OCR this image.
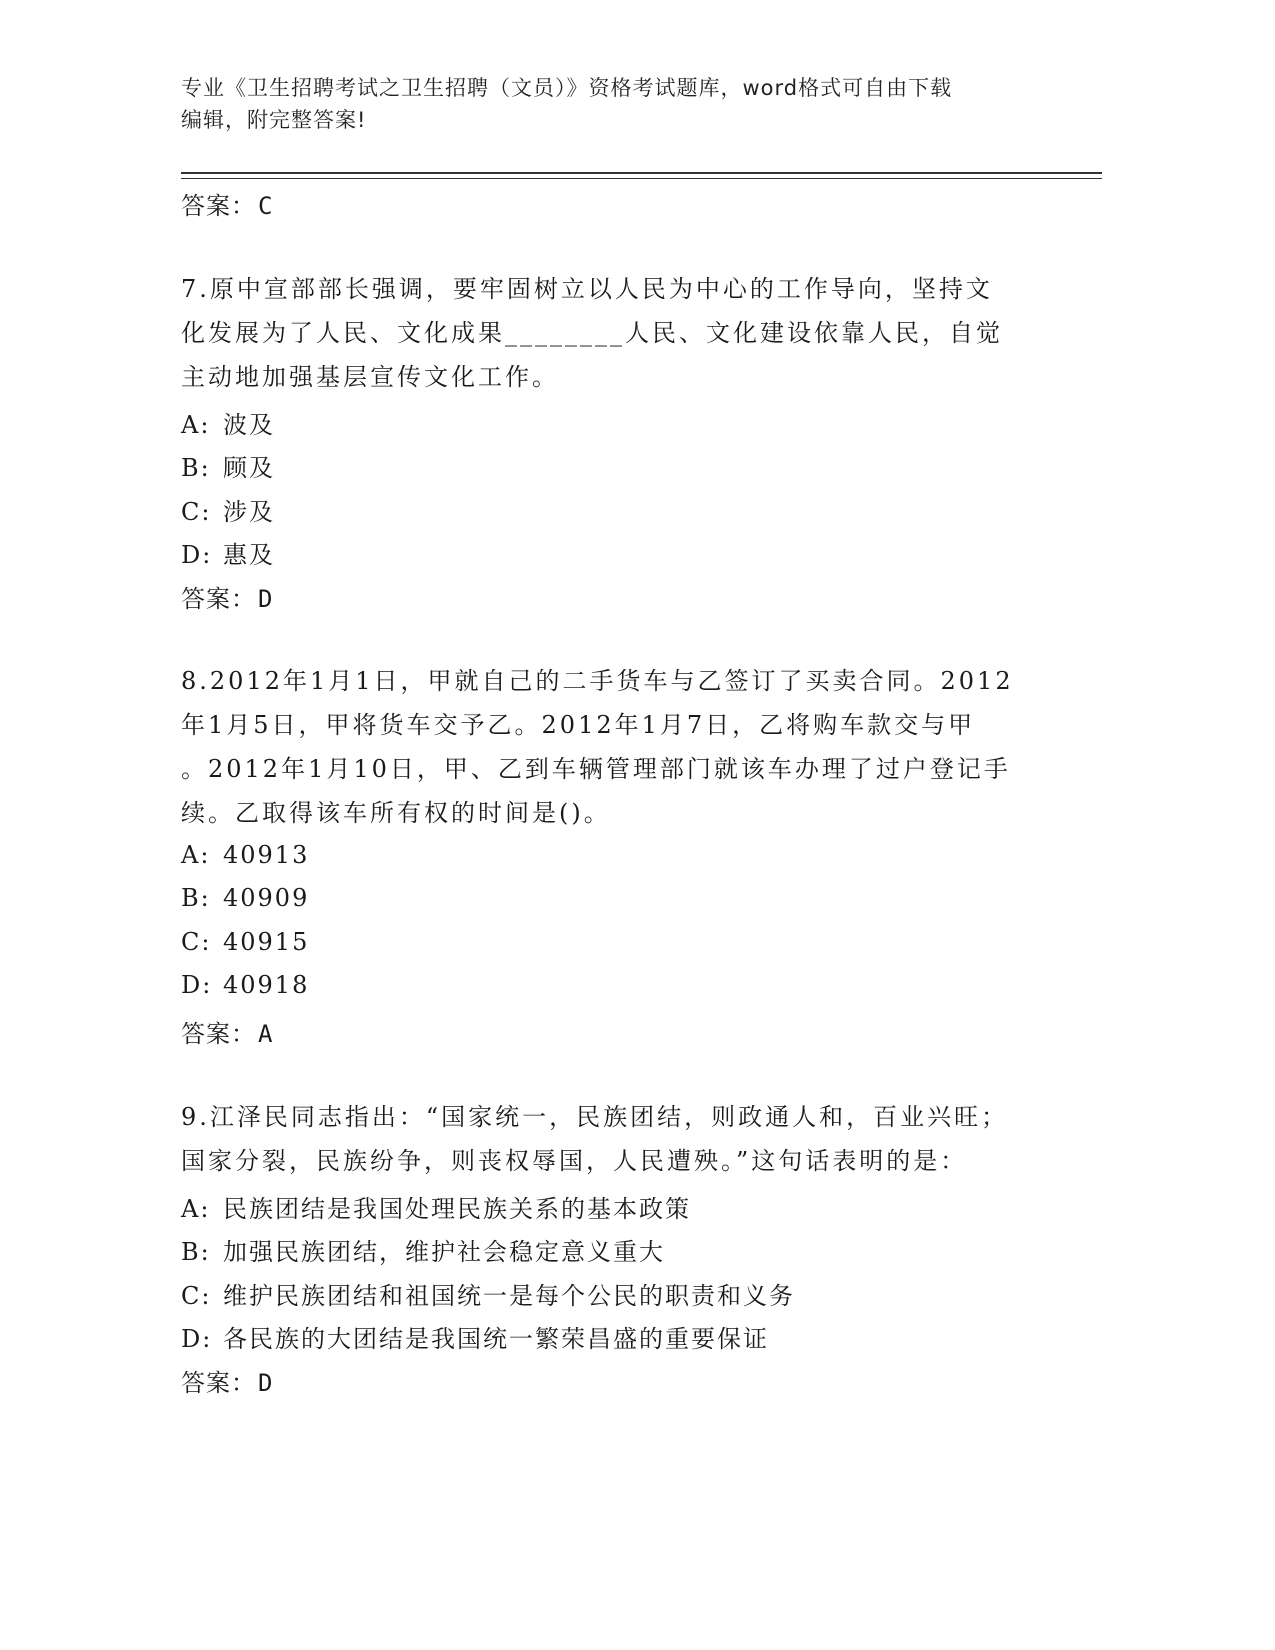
专业《卫生招聘考试之卫生招聘（文员）》资格考试题库，word格式可自由下载
编辑，附完整答案!
答案：C
7.原中宣部部长强调，要牢固树立以人民为中心的工作导向，坚持文
化发展为了人民、文化成果________人民、文化建设依靠人民，自觉
主动地加强基层宣传文化工作。
A: 波及
B: 顾及
C: 涉及
D: 惠及
答案：D
8.2012年1月1日，甲就自己的二手货车与乙签订了买卖合同。2012
年1月5日，甲将货车交予乙。2012年1月7日，乙将购车款交与甲
。2012年1月10日，甲、乙到车辆管理部门就该车办理了过户登记手
续。乙取得该车所有权的时间是()。
A: 40913
B: 40909
C: 40915
D: 40918
答案：A
9.江泽民同志指出：“国家统一，民族团结，则政通人和，百业兴旺；
国家分裂，民族纷争，则丧权辱国，人民遭殃。”这句话表明的是：
A: 民族团结是我国处理民族关系的基本政策
B: 加强民族团结，维护社会稳定意义重大
C: 维护民族团结和祖国统一是每个公民的职责和义务
D: 各民族的大团结是我国统一繁荣昌盛的重要保证
答案：D
